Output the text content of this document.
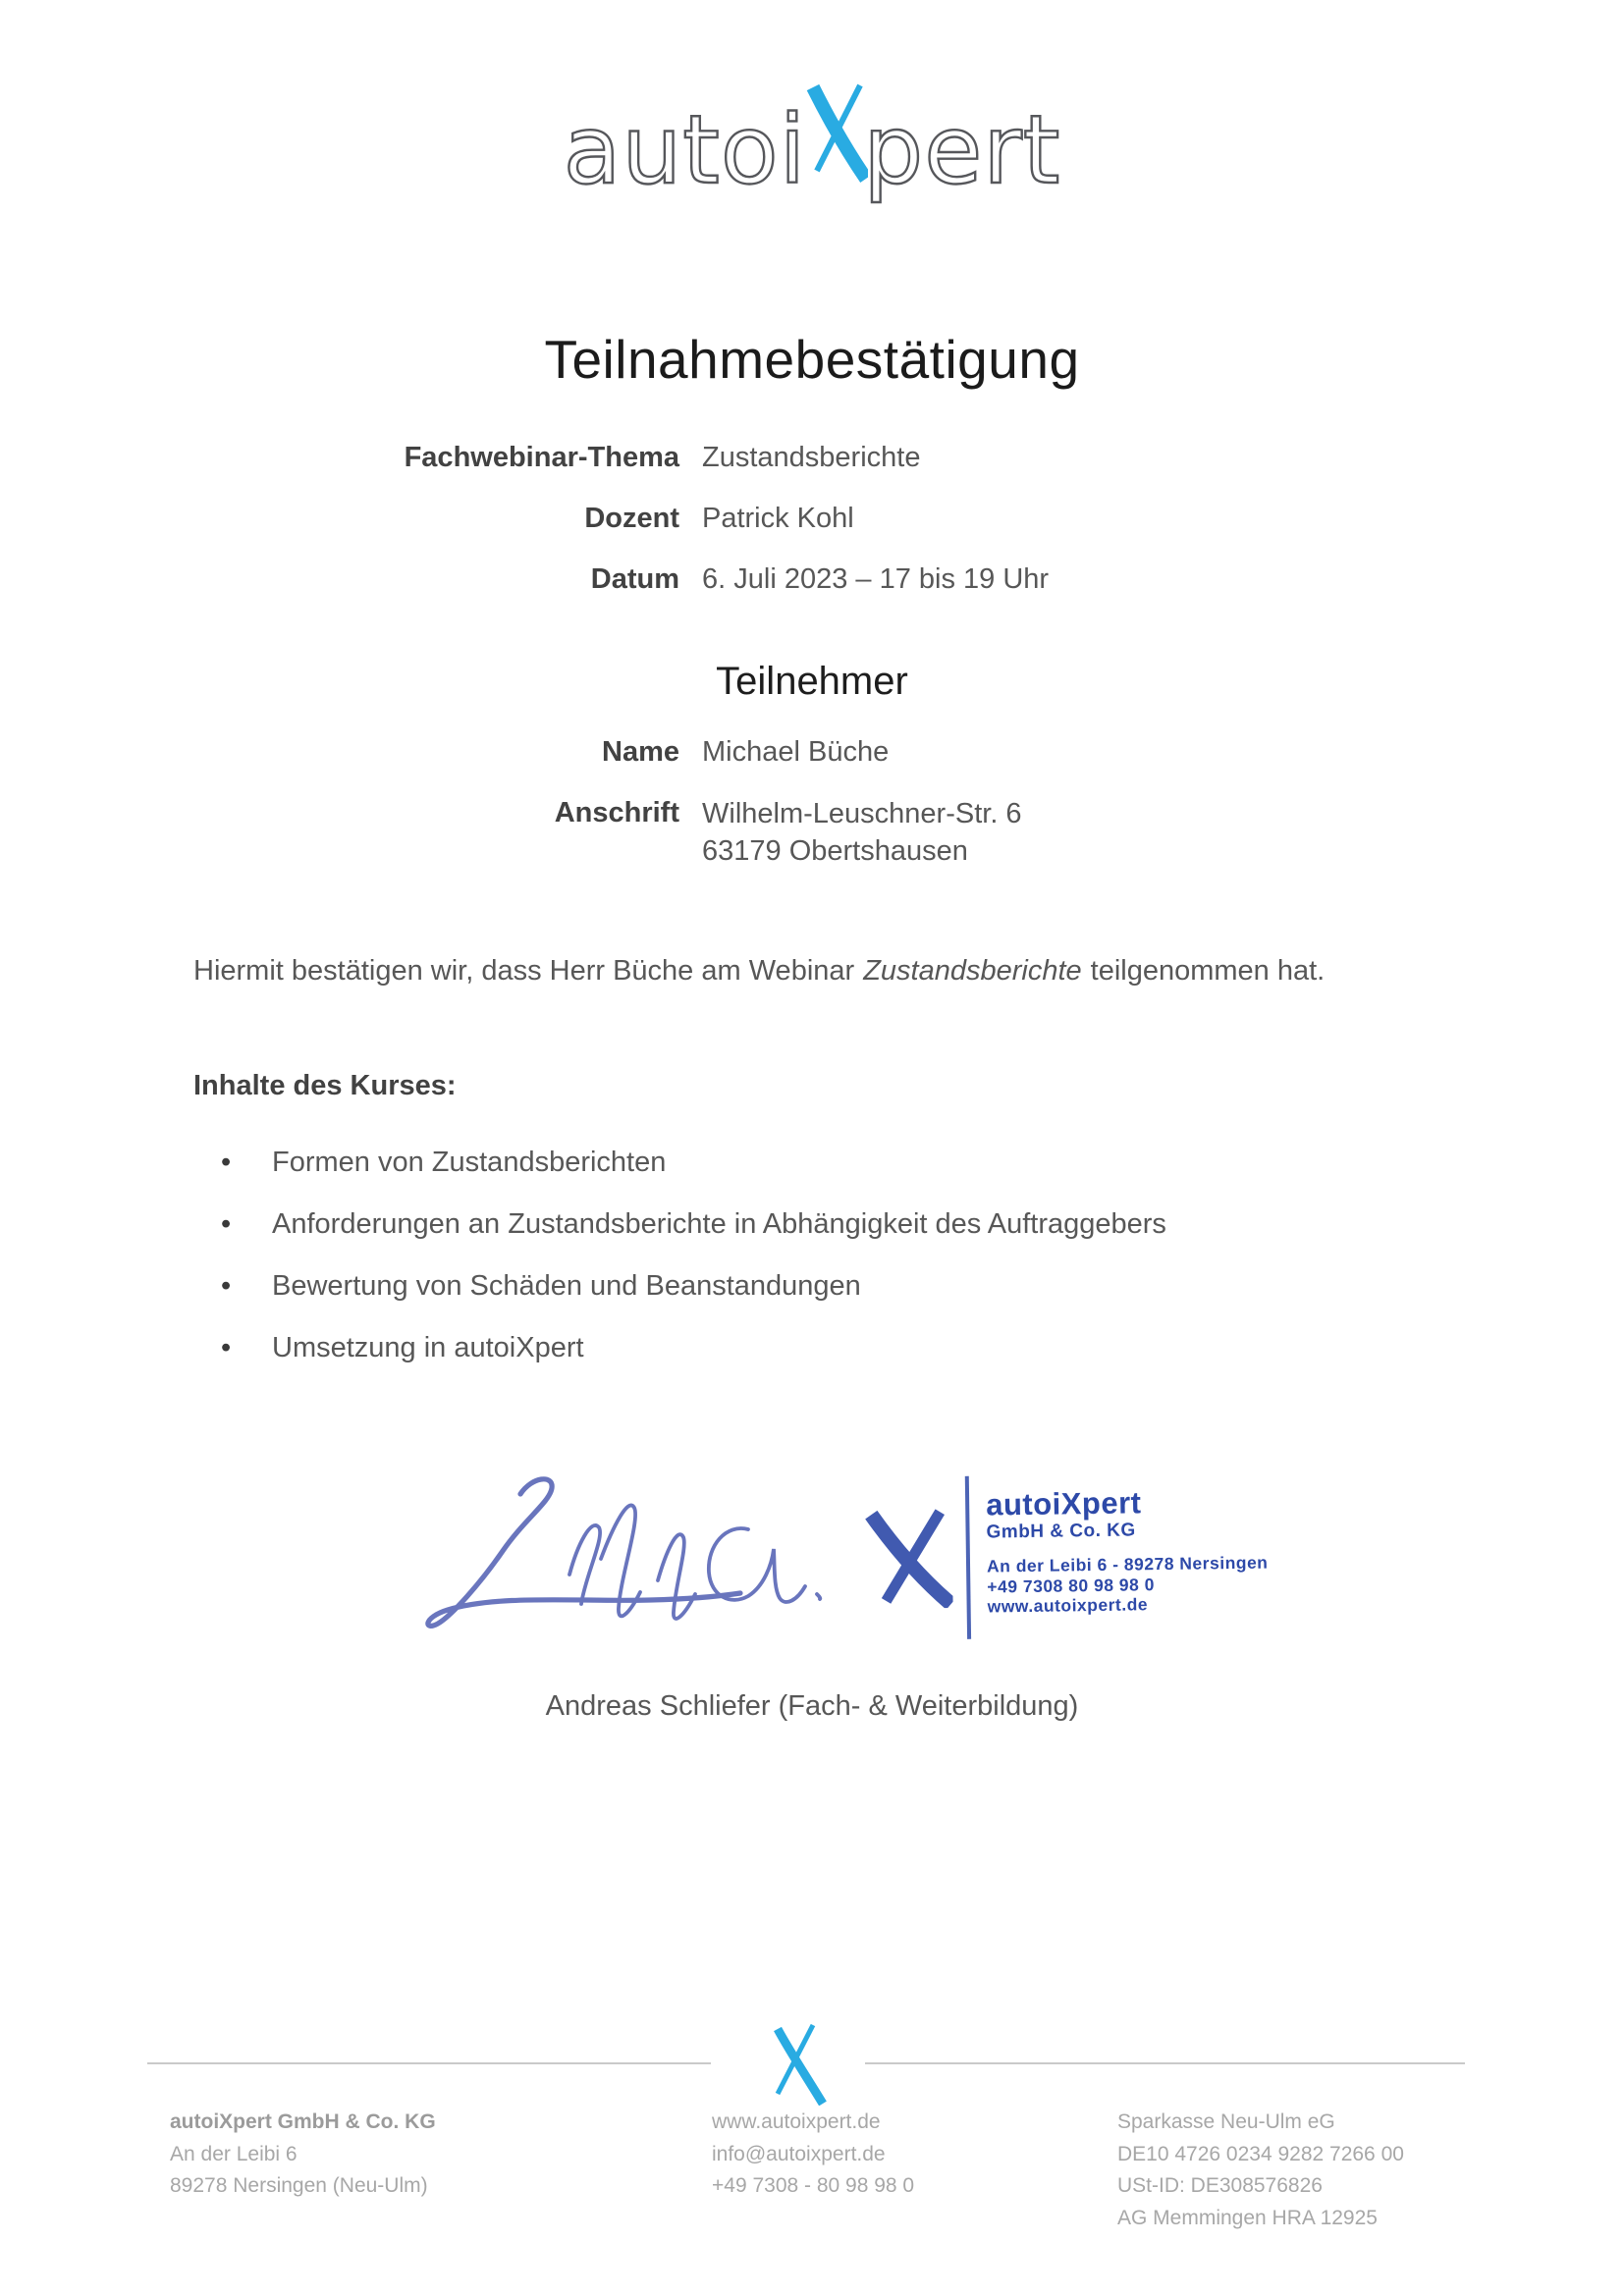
autoi pert
Teilnahmebestätigung
Fachwebinar-Thema Zustandsberichte
Dozent Patrick Kohl
Datum 6. Juli 2023 – 17 bis 19 Uhr
Teilnehmer
Name Michael Büche
Anschrift Wilhelm-Leuschner-Str. 6
63179 Obertshausen
Hiermit bestätigen wir, dass Herr Büche am Webinar Zustandsberichte teilgenommen hat.
Inhalte des Kurses:
• Formen von Zustandsberichten
• Anforderungen an Zustandsberichte in Abhängigkeit des Auftraggebers
• Bewertung von Schäden und Beanstandungen
• Umsetzung in autoiXpert
autoiXpert
GmbH & Co. KG
An der Leibi 6 - 89278 Nersingen
+49 7308 80 98 98 0
www.autoixpert.de
Andreas Schliefer (Fach- & Weiterbildung)
autoiXpert GmbH & Co. KG
An der Leibi 6
89278 Nersingen (Neu-Ulm)
www.autoixpert.de
info@autoixpert.de
+49 7308 - 80 98 98 0
Sparkasse Neu-Ulm eG
DE10 4726 0234 9282 7266 00
USt-ID: DE308576826
AG Memmingen HRA 12925
